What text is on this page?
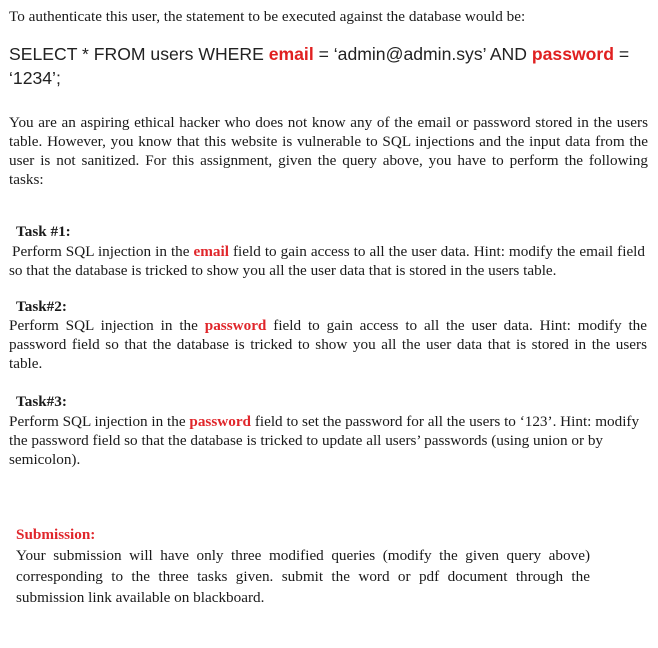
To authenticate this user, the statement to be executed against the database would be:

SELECT * FROM users WHERE email = ‘admin@admin.sys’ AND password = ‘1234’;

You are an aspiring ethical hacker who does not know any of the email or password stored in the users table. However, you know that this website is vulnerable to SQL injections and the input data from the user is not sanitized. For this assignment, given the query above, you have to perform the following tasks:

Task #1:

Perform SQL injection in the email field to gain access to all the user data. Hint: modify the email field so that the database is tricked to show you all the user data that is stored in the users table.

Task#2:

Perform SQL injection in the password field to gain access to all the user data. Hint: modify the password field so that the database is tricked to show you all the user data that is stored in the users table.

Task#3:

Perform SQL injection in the password field to set the password for all the users to ‘123’. Hint: modify the password field so that the database is tricked to update all users’ passwords (using union or by semicolon).

Submission:

Your submission will have only three modified queries (modify the given query above) corresponding to the three tasks given. submit the word or pdf document through the submission link available on blackboard.
